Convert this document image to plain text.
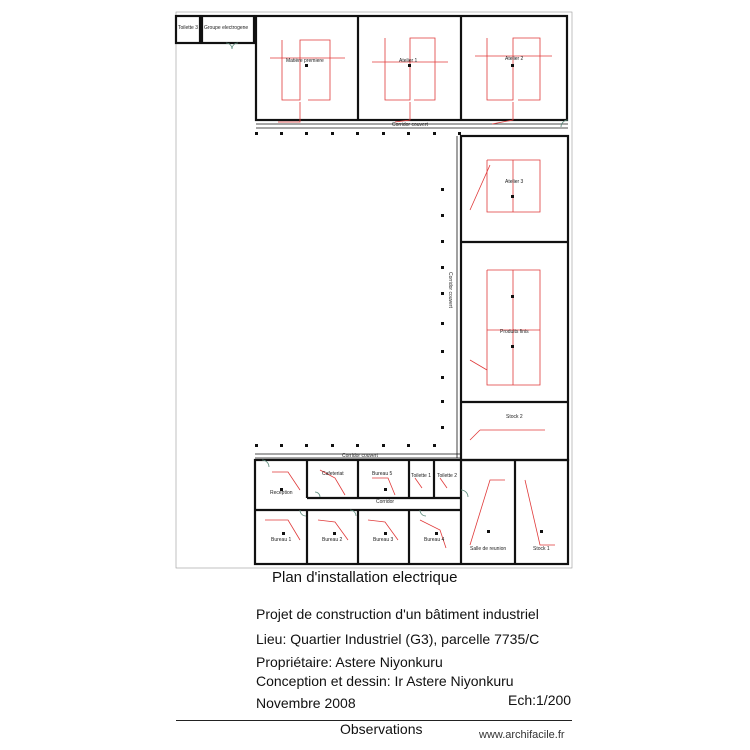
Toilette 3 Groupe electrogene
Matière premiere	Atelier 1	Atelier 2
Atelier 3
Produits finis
Stock 2
Cafeteriat	Bureau 5	Toilette 1 Toilette 2
Reception
Bureau 1	Bureau 2	Bureau 3	Bureau 4
Salle de reunion	Stock 1
Corridor couvert
Corridor couvert
Corridor couvert
Corridor
Plan d'installation electrique
Projet de construction d'un bâtiment industriel
Lieu: Quartier Industriel (G3), parcelle 7735/C
Propriétaire: Astere Niyonkuru
Conception et dessin: Ir Astere Niyonkuru
Ech:1/200
Novembre 2008
Observations	www.archifacile.fr
